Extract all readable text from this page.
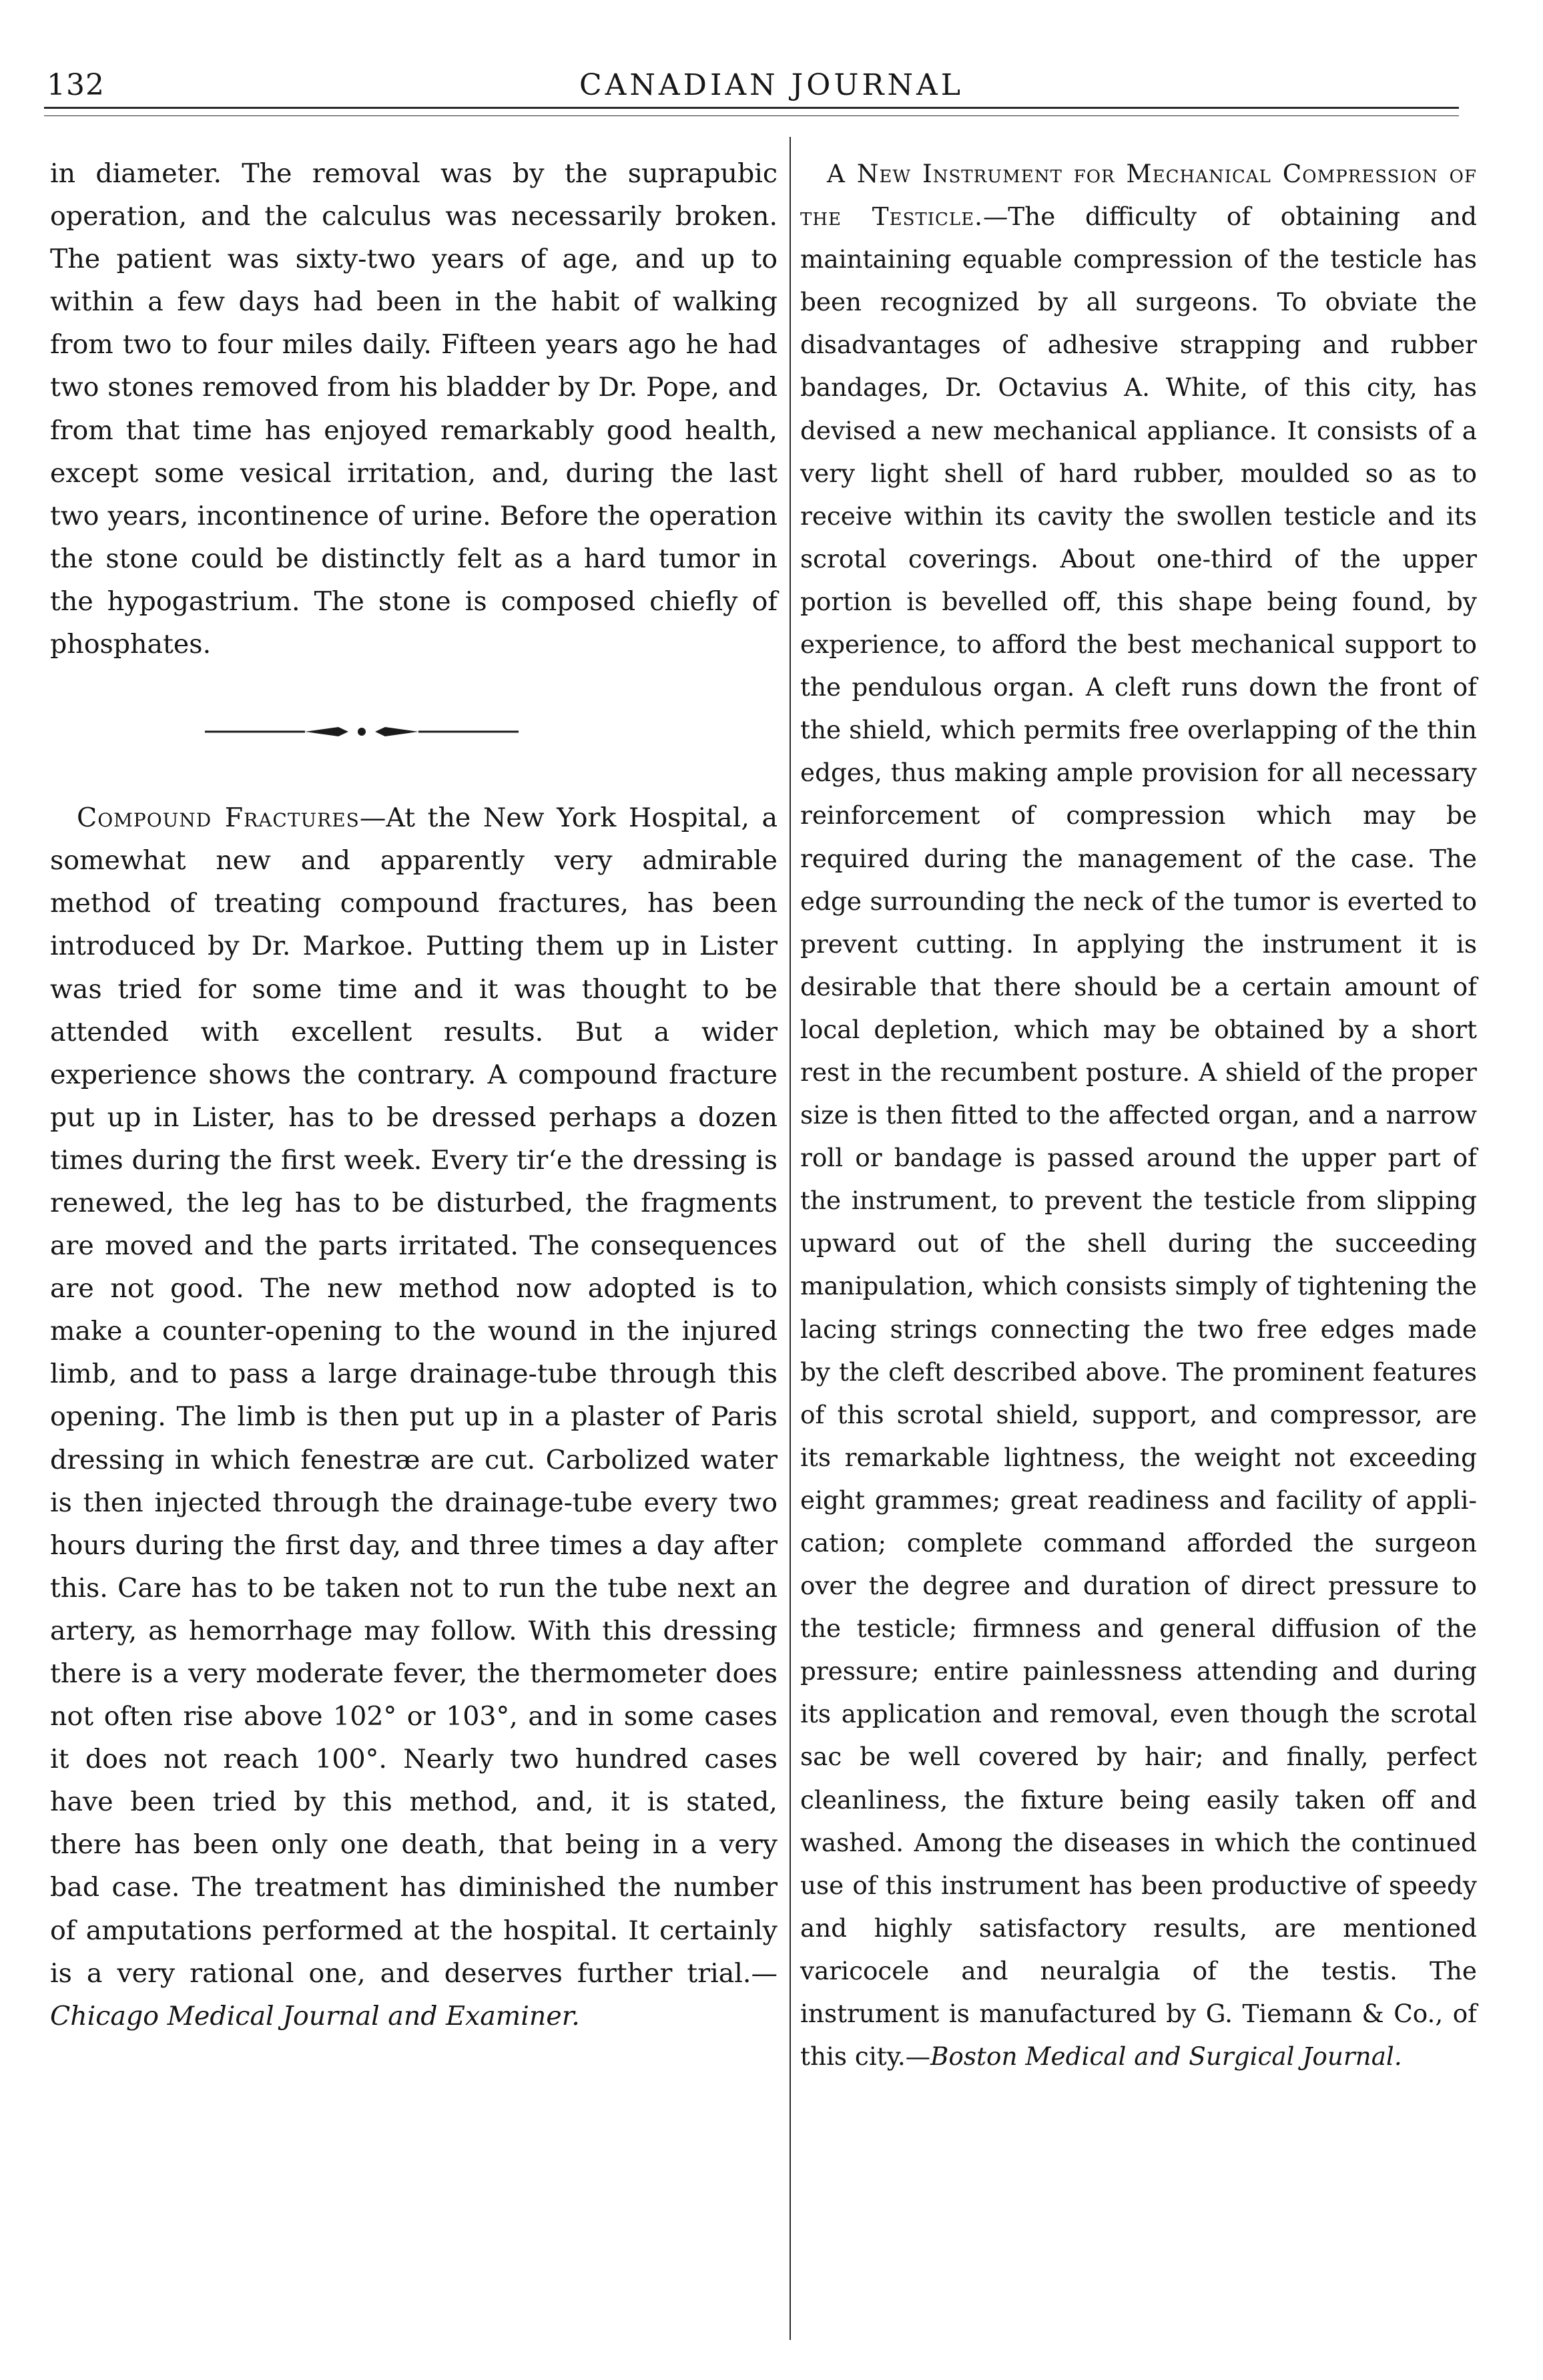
132	CANADIAN JOURNAL

in diameter. The removal was by the suprapubic operation, and the calculus was necessarily broken. The patient was sixty-two years of age, and up to within a few days had been in the habit of walking from two to four miles daily. Fifteen years ago he had two stones removed from his bladder by Dr. Pope, and from that time has enjoyed remarkably good health, except some vesical irritation, and, during the last two years, incontinence of urine. Before the operation the stone could be distinctly felt as a hard tumor in the hypogastrium. The stone is composed chiefly of phosphates.

Compound Fractures—At the New York Hospital, a somewhat new and apparently very admirable method of treating compound fractures, has been introduced by Dr. Markoe. Putting them up in Lister was tried for some time and it was thought to be attended with excellent results. But a wider experience shows the contrary. A compound fracture put up in Lister, has to be dressed perhaps a dozen times during the first week. Every tir‘e the dressing is renewed, the leg has to be disturbed, the fragments are moved and the parts irritated. The consequences are not good. The new method now adopted is to make a counter-opening to the wound in the injured limb, and to pass a large drainage-tube through this opening. The limb is then put up in a plaster of Paris dressing in which fenestræ are cut. Carbolized water is then injected through the drainage-tube every two hours during the first day, and three times a day after this. Care has to be taken not to run the tube next an artery, as hemorrhage may follow. With this dressing there is a very moderate fever, the thermometer does not often rise above 102° or 103°, and in some cases it does not reach 100°. Nearly two hundred cases have been tried by this method, and, it is stated, there has been only one death, that being in a very bad case. The treatment has diminished the number of amputations performed at the hospital. It certainly is a very rational one, and deserves further trial.—Chicago Medical Journal and Examiner.

A New Instrument for Mechanical Compression of the Testicle.—The difficulty of obtaining and maintaining equable compression of the testicle has been recognized by all surgeons. To obviate the disadvantages of adhesive strapping and rubber bandages, Dr. Octavius A. White, of this city, has devised a new mechanical appliance. It consists of a very light shell of hard rubber, moulded so as to receive within its cavity the swollen testicle and its scrotal coverings. About one-third of the upper portion is bevelled off, this shape being found, by experience, to afford the best mechanical support to the pendulous organ. A cleft runs down the front of the shield, which permits free overlapping of the thin edges, thus making ample provision for all necessary reinforcement of compression which may be required during the management of the case. The edge surrounding the neck of the tumor is everted to prevent cutting. In applying the instrument it is desirable that there should be a certain amount of local depletion, which may be obtained by a short rest in the recumbent posture. A shield of the proper size is then fitted to the affected organ, and a narrow roll or bandage is passed around the upper part of the instrument, to prevent the testicle from slipping upward out of the shell during the succeeding manipulation, which consists simply of tightening the lacing strings connecting the two free edges made by the cleft described above. The prominent features of this scrotal shield, support, and compressor, are its remarkable lightness, the weight not exceeding eight grammes; great readiness and facility of application; complete command afforded the surgeon over the degree and duration of direct pressure to the testicle; firmness and general diffusion of the pressure; entire painlessness attending and during its application and removal, even though the scrotal sac be well covered by hair; and finally, perfect cleanliness, the fixture being easily taken off and washed. Among the diseases in which the continued use of this instrument has been productive of speedy and highly satisfactory results, are mentioned varicocele and neuralgia of the testis. The instrument is manufactured by G. Tiemann & Co., of this city.—Boston Medical and Surgical Journal.
